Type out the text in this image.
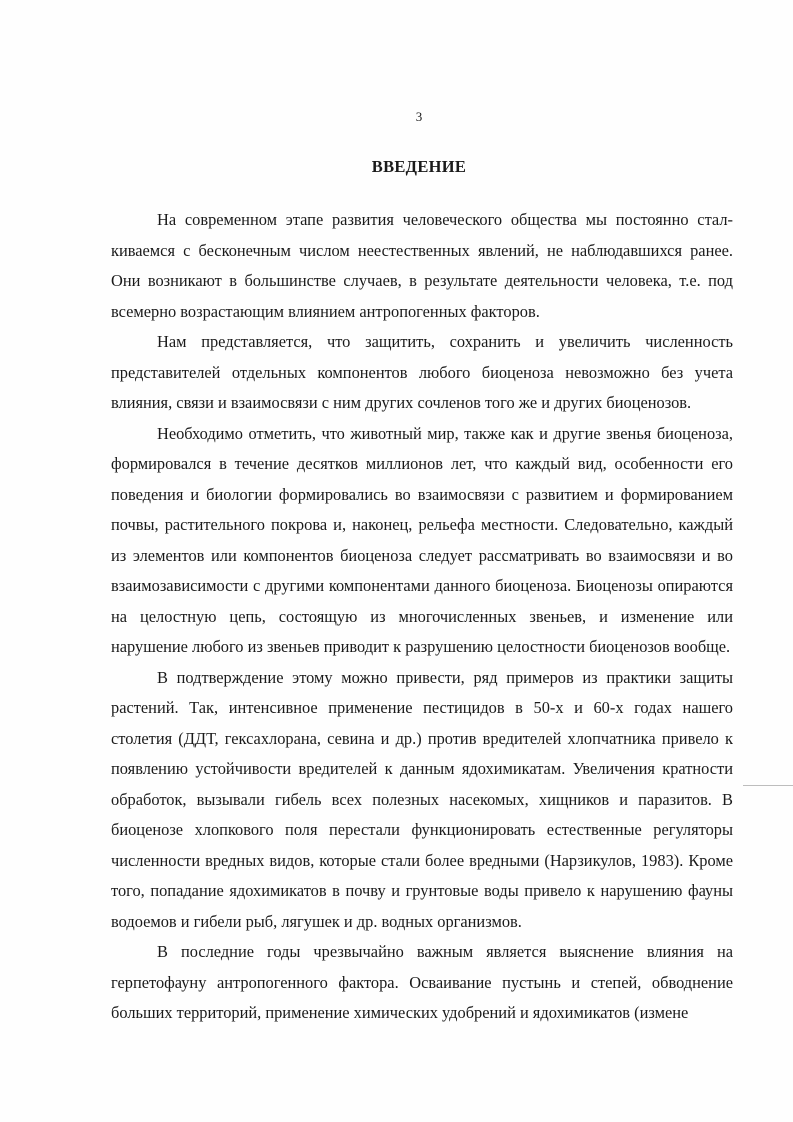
3
ВВЕДЕНИЕ

На современном этапе развития человеческого общества мы постоянно сталкиваемся с бесконечным числом неестественных явлений, не наблюдавшихся ранее. Они возникают в большинстве случаев, в результате деятельности человека, т.е. под всемерно возрастающим влиянием антропогенных факторов.

Нам представляется, что защитить, сохранить и увеличить численность представителей отдельных компонентов любого биоценоза невозможно без учета влияния, связи и взаимосвязи с ним других сочленов того же и других биоценозов.

Необходимо отметить, что животный мир, также как и другие звенья биоценоза, формировался в течение десятков миллионов лет, что каждый вид, особенности его поведения и биологии формировались во взаимосвязи с развитием и формированием почвы, растительного покрова и, наконец, рельефа местности. Следовательно, каждый из элементов или компонентов биоценоза следует рассматривать во взаимосвязи и во взаимозависимости с другими компонентами данного биоценоза. Биоценозы опираются на целостную цепь, состоящую из многочисленных звеньев, и изменение или нарушение любого из звеньев приводит к разрушению целостности биоценозов вообще.

В подтверждение этому можно привести, ряд примеров из практики защиты растений. Так, интенсивное применение пестицидов в 50-х и 60-х годах нашего столетия (ДДТ, гексахлорана, севина и др.) против вредителей хлопчатника привело к появлению устойчивости вредителей к данным ядохимикатам. Увеличения кратности обработок, вызывали гибель всех полезных насекомых, хищников и паразитов. В биоценозе хлопкового поля перестали функционировать естественные регуляторы численности вредных видов, которые стали более вредными (Нарзикулов, 1983). Кроме того, попадание ядохимикатов в почву и грунтовые воды привело к нарушению фауны водоемов и гибели рыб, лягушек и др. водных организмов.

В последние годы чрезвычайно важным является выяснение влияния на герпетофауну антропогенного фактора. Осваивание пустынь и степей, обводнение больших территорий, применение химических удобрений и ядохимикатов (измене
